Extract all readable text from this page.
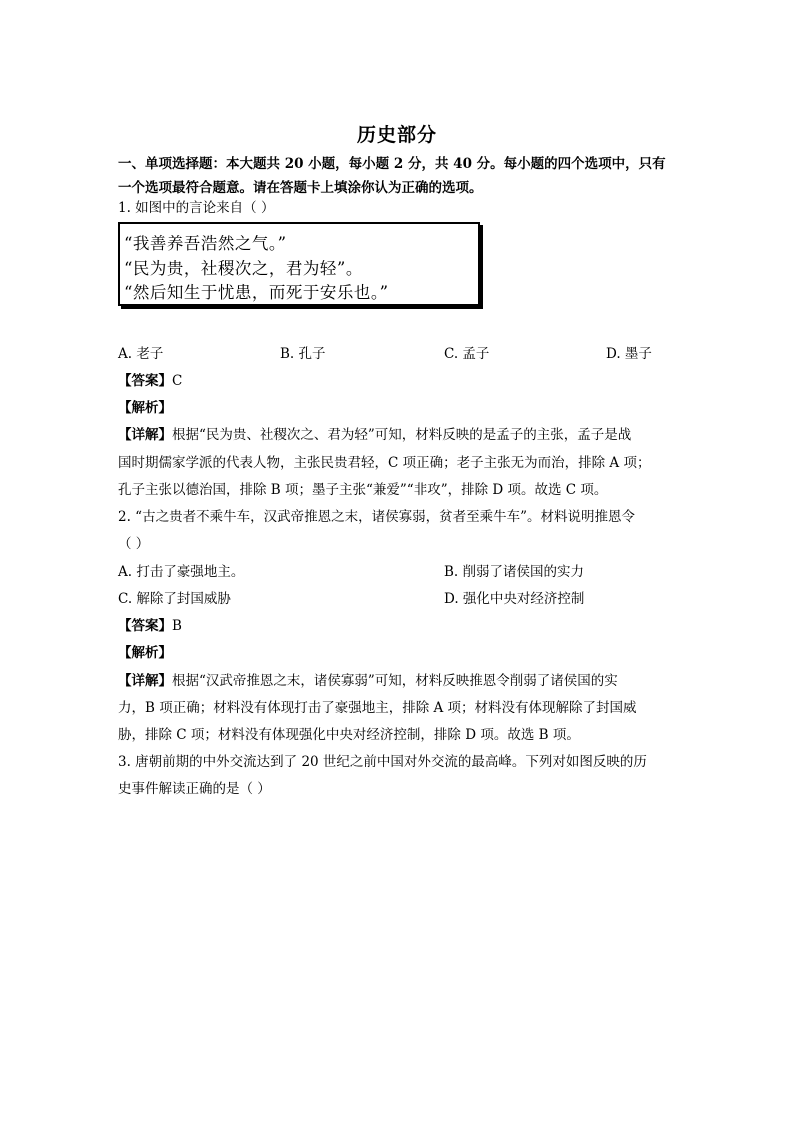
历史部分
一、单项选择题：本大题共 20 小题，每小题 2 分，共 40 分。每小题的四个选项中，只有
一个选项最符合题意。请在答题卡上填涂你认为正确的选项。
1. 如图中的言论来自（ ）
“我善养吾浩然之气。”
“民为贵，社稷次之，君为轻”。
“然后知生于忧患，而死于安乐也。”
A. 老子	B. 孔子	C. 孟子	D. 墨子
【答案】C
【解析】
【详解】根据“民为贵、社稷次之、君为轻”可知，材料反映的是孟子的主张，孟子是战
国时期儒家学派的代表人物，主张民贵君轻，C 项正确；老子主张无为而治，排除 A 项；
孔子主张以德治国，排除 B 项；墨子主张“兼爱”“非攻”，排除 D 项。故选 C 项。
2. “古之贵者不乘牛车，汉武帝推恩之末，诸侯寡弱，贫者至乘牛车”。材料说明推恩令
（ ）
A. 打击了豪强地主。	B. 削弱了诸侯国的实力
C. 解除了封国威胁	D. 强化中央对经济控制
【答案】B
【解析】
【详解】根据“汉武帝推恩之末，诸侯寡弱”可知，材料反映推恩令削弱了诸侯国的实
力，B 项正确；材料没有体现打击了豪强地主，排除 A 项；材料没有体现解除了封国威
胁，排除 C 项；材料没有体现强化中央对经济控制，排除 D 项。故选 B 项。
3. 唐朝前期的中外交流达到了 20 世纪之前中国对外交流的最高峰。下列对如图反映的历
史事件解读正确的是（ ）
